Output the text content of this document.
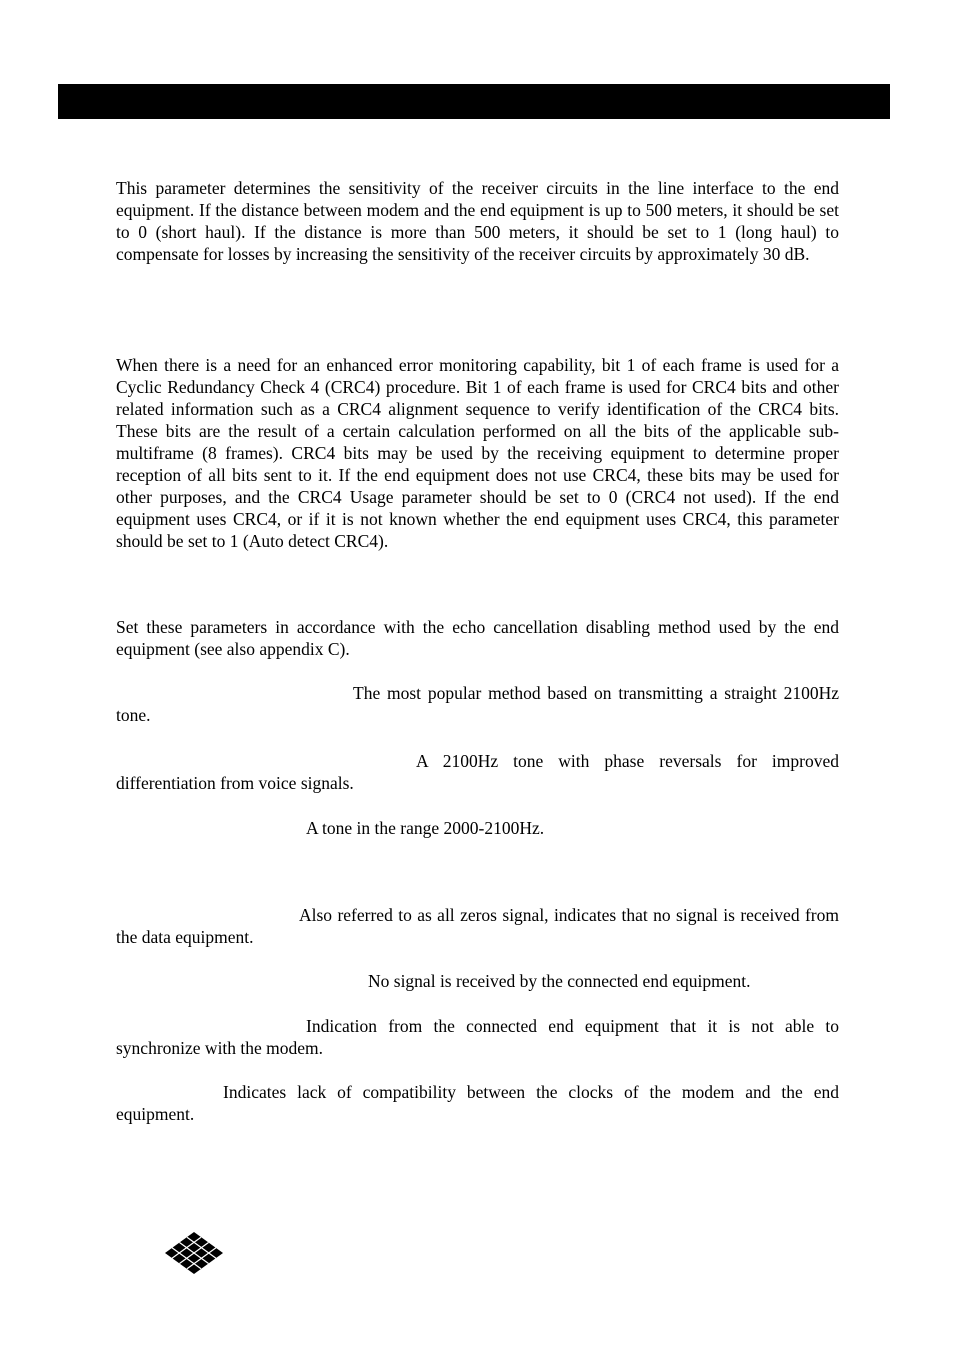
This parameter determines the sensitivity of the receiver circuits in the line interface to the end equipment. If the distance between modem and the end equipment is up to 500 meters, it should be set to 0 (short haul). If the distance is more than 500 meters, it should be set to 1 (long haul) to compensate for losses by increasing the sensitivity of the receiver circuits by approximately 30 dB.

When there is a need for an enhanced error monitoring capability, bit 1 of each frame is used for a Cyclic Redundancy Check 4 (CRC4) procedure. Bit 1 of each frame is used for CRC4 bits and other related information such as a CRC4 alignment sequence to verify identification of the CRC4 bits. These bits are the result of a certain calculation performed on all the bits of the applicable sub-multiframe (8 frames). CRC4 bits may be used by the receiving equipment to determine proper reception of all bits sent to it. If the end equipment does not use CRC4, these bits may be used for other purposes, and the CRC4 Usage parameter should be set to 0 (CRC4 not used). If the end equipment uses CRC4, or if it is not known whether the end equipment uses CRC4, this parameter should be set to 1 (Auto detect CRC4).

Set these parameters in accordance with the echo cancellation disabling method used by the end equipment (see also appendix C).

The most popular method based on transmitting a straight 2100Hz tone.

A 2100Hz tone with phase reversals for improved differentiation from voice signals.

A tone in the range 2000-2100Hz.

Also referred to as all zeros signal, indicates that no signal is received from the data equipment.

No signal is received by the connected end equipment.

Indication from the connected end equipment that it is not able to synchronize with the modem.

Indicates lack of compatibility between the clocks of the modem and the end equipment.
